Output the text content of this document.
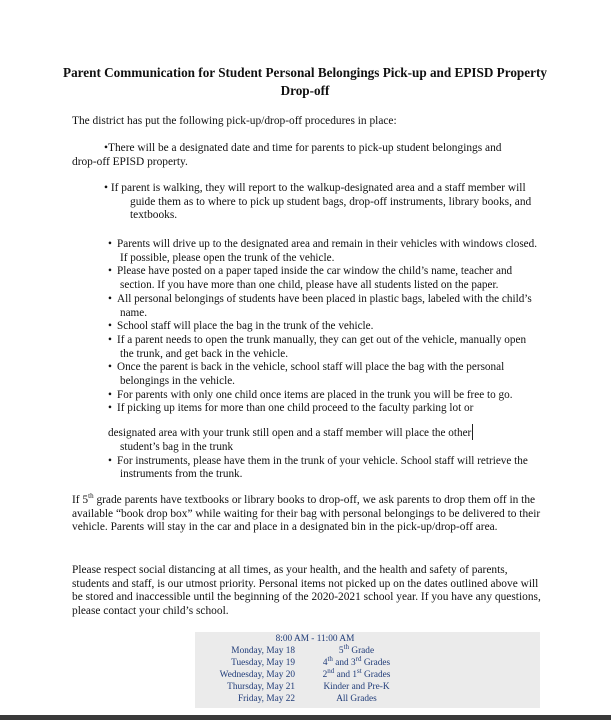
Parent Communication for Student Personal Belongings Pick-up and EPISD Property Drop-off
The district has put the following pick-up/drop-off procedures in place:
•There will be a designated date and time for parents to pick-up student belongings and
drop-off EPISD property.
• If parent is walking, they will report to the walkup-designated area and a staff member will guide them as to where to pick up student bags, drop-off instruments, library books, and textbooks.
• Parents will drive up to the designated area and remain in their vehicles with windows closed. If possible, please open the trunk of the vehicle.
• Please have posted on a paper taped inside the car window the child’s name, teacher and section. If you have more than one child, please have all students listed on the paper.
• All personal belongings of students have been placed in plastic bags, labeled with the child’s name.
• School staff will place the bag in the trunk of the vehicle.
• If a parent needs to open the trunk manually, they can get out of the vehicle, manually open the trunk, and get back in the vehicle.
• Once the parent is back in the vehicle, school staff will place the bag with the personal belongings in the vehicle.
• For parents with only one child once items are placed in the trunk you will be free to go.
• If picking up items for more than one child proceed to the faculty parking lot or
designated area with your trunk still open and a staff member will place the other
student’s bag in the trunk
• For instruments, please have them in the trunk of your vehicle. School staff will retrieve the instruments from the trunk.
If 5th grade parents have textbooks or library books to drop-off, we ask parents to drop them off in the available “book drop box” while waiting for their bag with personal belongings to be delivered to their vehicle. Parents will stay in the car and place in a designated bin in the pick-up/drop-off area.
Please respect social distancing at all times, as your health, and the health and safety of parents, students and staff, is our utmost priority. Personal items not picked up on the dates outlined above will be stored and inaccessible until the beginning of the 2020-2021 school year. If you have any questions, please contact your child’s school.
8:00 AM - 11:00 AM
Monday, May 18	5th Grade
Tuesday, May 19	4th and 3rd Grades
Wednesday, May 20	2nd and 1st Grades
Thursday, May 21	Kinder and Pre-K
Friday, May 22	All Grades
